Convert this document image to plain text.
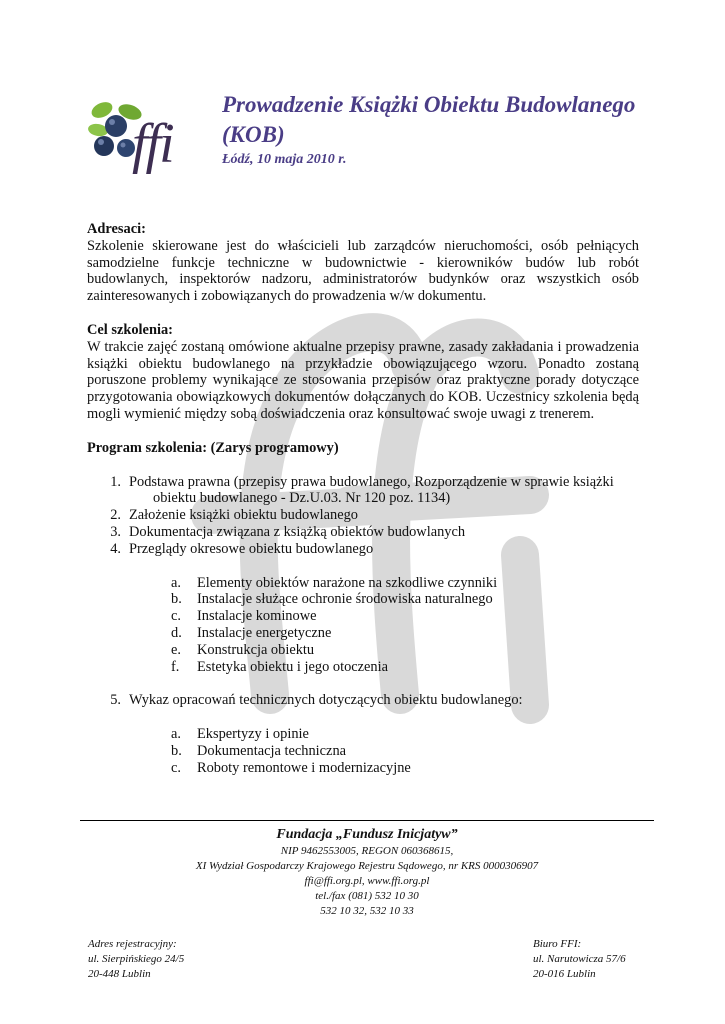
ffi
Prowadzenie Książki Obiektu Budowlanego (KOB)
Łódź, 10 maja 2010 r.
Adresaci:
Szkolenie skierowane jest do właścicieli lub zarządców nieruchomości, osób pełniących samodzielne funkcje techniczne w budownictwie - kierowników budów lub robót budowlanych, inspektorów nadzoru, administratorów budynków oraz wszystkich osób zainteresowanych i zobowiązanych do prowadzenia w/w dokumentu.
Cel szkolenia:
W trakcie zajęć zostaną omówione aktualne przepisy prawne, zasady zakładania i prowadzenia książki obiektu budowlanego na przykładzie obowiązującego wzoru. Ponadto zostaną poruszone problemy wynikające ze stosowania przepisów oraz praktyczne porady dotyczące przygotowania obowiązkowych dokumentów dołączanych do KOB. Uczestnicy szkolenia będą mogli wymienić między sobą doświadczenia oraz konsultować swoje uwagi z trenerem.
Program szkolenia: (Zarys programowy)
1. Podstawa prawna (przepisy prawa budowlanego, Rozporządzenie w sprawie książki
obiektu budowlanego - Dz.U.03. Nr 120 poz. 1134)
2. Założenie książki obiektu budowlanego
3. Dokumentacja związana z książką obiektów budowlanych
4. Przeglądy okresowe obiektu budowlanego
a. Elementy obiektów narażone na szkodliwe czynniki
b. Instalacje służące ochronie środowiska naturalnego
c. Instalacje kominowe
d. Instalacje energetyczne
e. Konstrukcja obiektu
f. Estetyka obiektu i jego otoczenia
5. Wykaz opracowań technicznych dotyczących obiektu budowlanego:
a. Ekspertyzy i opinie
b. Dokumentacja techniczna
c. Roboty remontowe i modernizacyjne
Fundacja „Fundusz Inicjatyw”
NIP 9462553005, REGON 060368615,
XI Wydział Gospodarczy Krajowego Rejestru Sądowego, nr KRS 0000306907
ffi@ffi.org.pl, www.ffi.org.pl
tel./fax (081) 532 10 30
532 10 32, 532 10 33
Adres rejestracyjny:
ul. Sierpińskiego 24/5
20-448 Lublin
Biuro FFI:
ul. Narutowicza 57/6
20-016 Lublin
